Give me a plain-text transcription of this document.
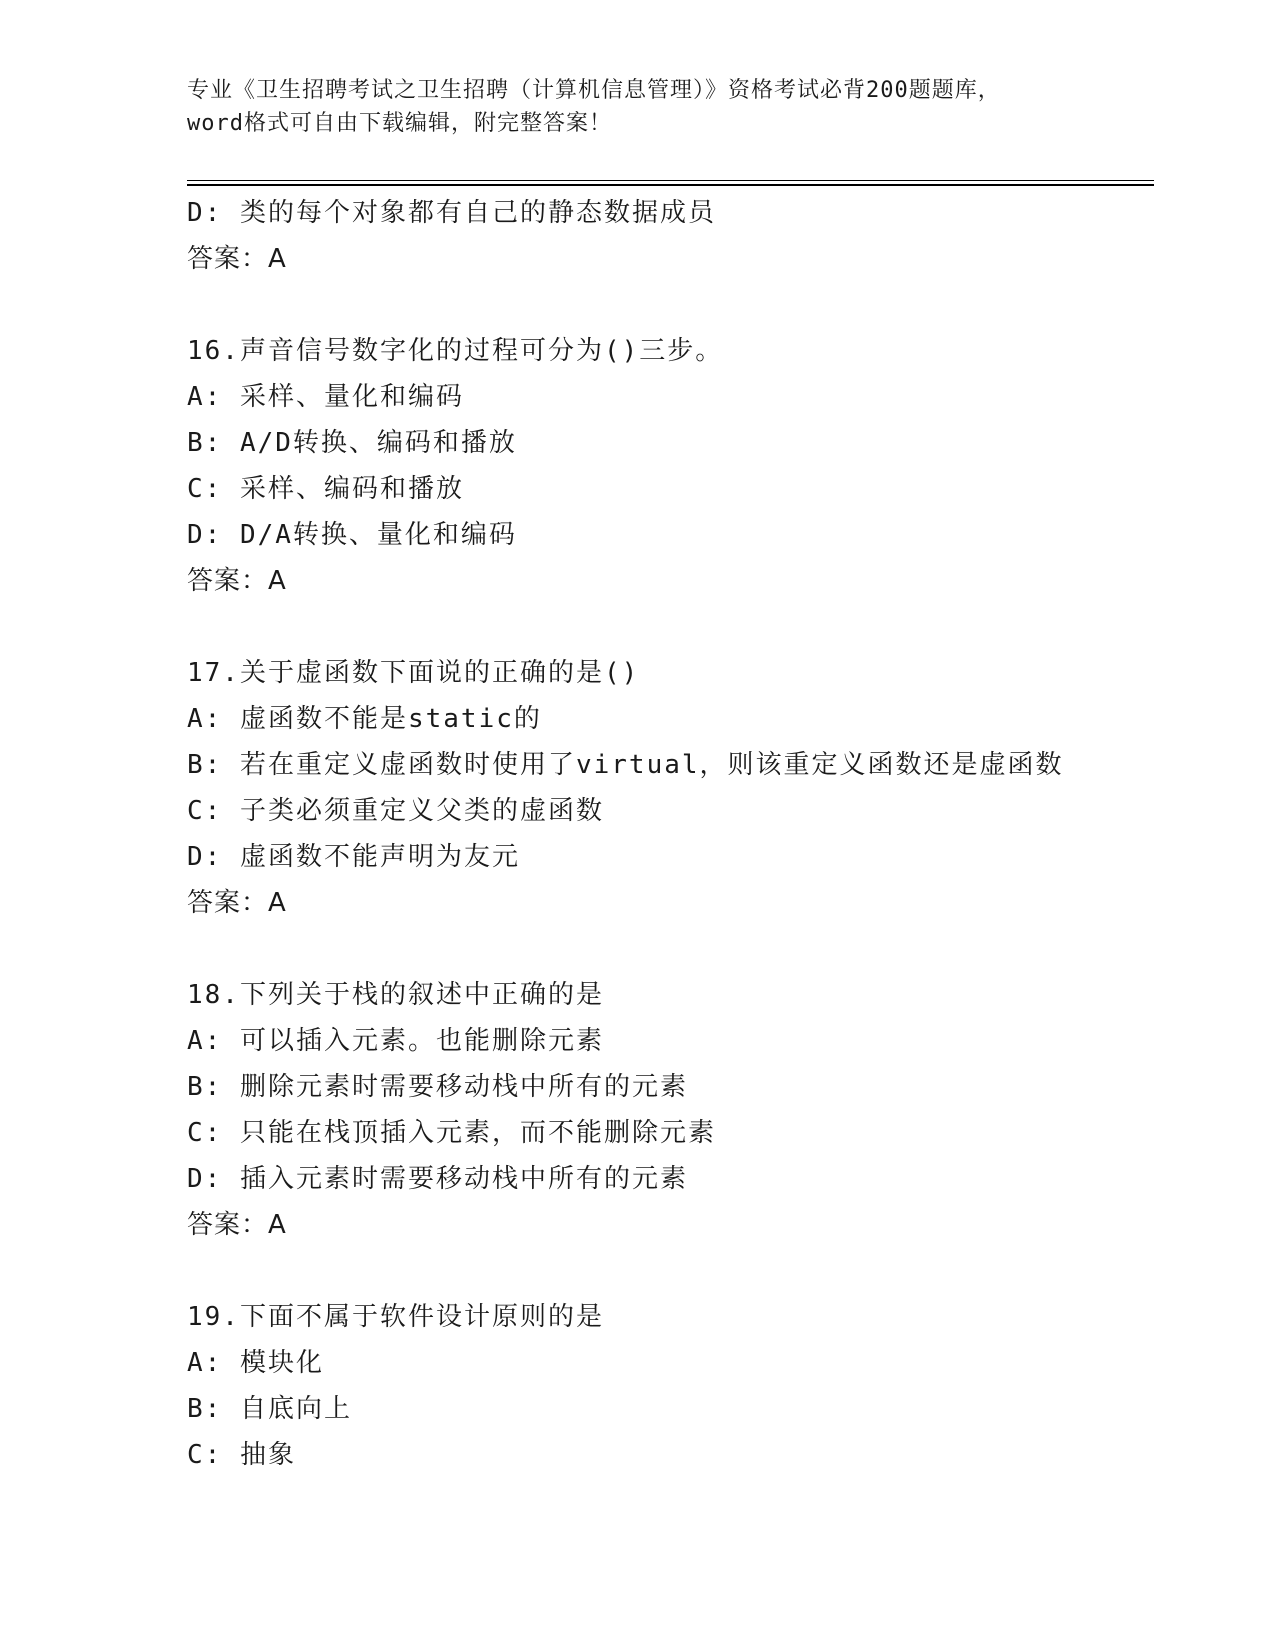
专业《卫生招聘考试之卫生招聘（计算机信息管理）》资格考试必背200题题库，
word格式可自由下载编辑，附完整答案！
D: 类的每个对象都有自己的静态数据成员
答案：A
16.声音信号数字化的过程可分为()三步。
A: 采样、量化和编码
B: A/D转换、编码和播放
C: 采样、编码和播放
D: D/A转换、量化和编码
答案：A
17.关于虚函数下面说的正确的是()
A: 虚函数不能是static的
B: 若在重定义虚函数时使用了virtual，则该重定义函数还是虚函数
C: 子类必须重定义父类的虚函数
D: 虚函数不能声明为友元
答案：A
18.下列关于栈的叙述中正确的是
A: 可以插入元素。也能删除元素
B: 删除元素时需要移动栈中所有的元素
C: 只能在栈顶插入元素，而不能删除元素
D: 插入元素时需要移动栈中所有的元素
答案：A
19.下面不属于软件设计原则的是
A: 模块化
B: 自底向上
C: 抽象
